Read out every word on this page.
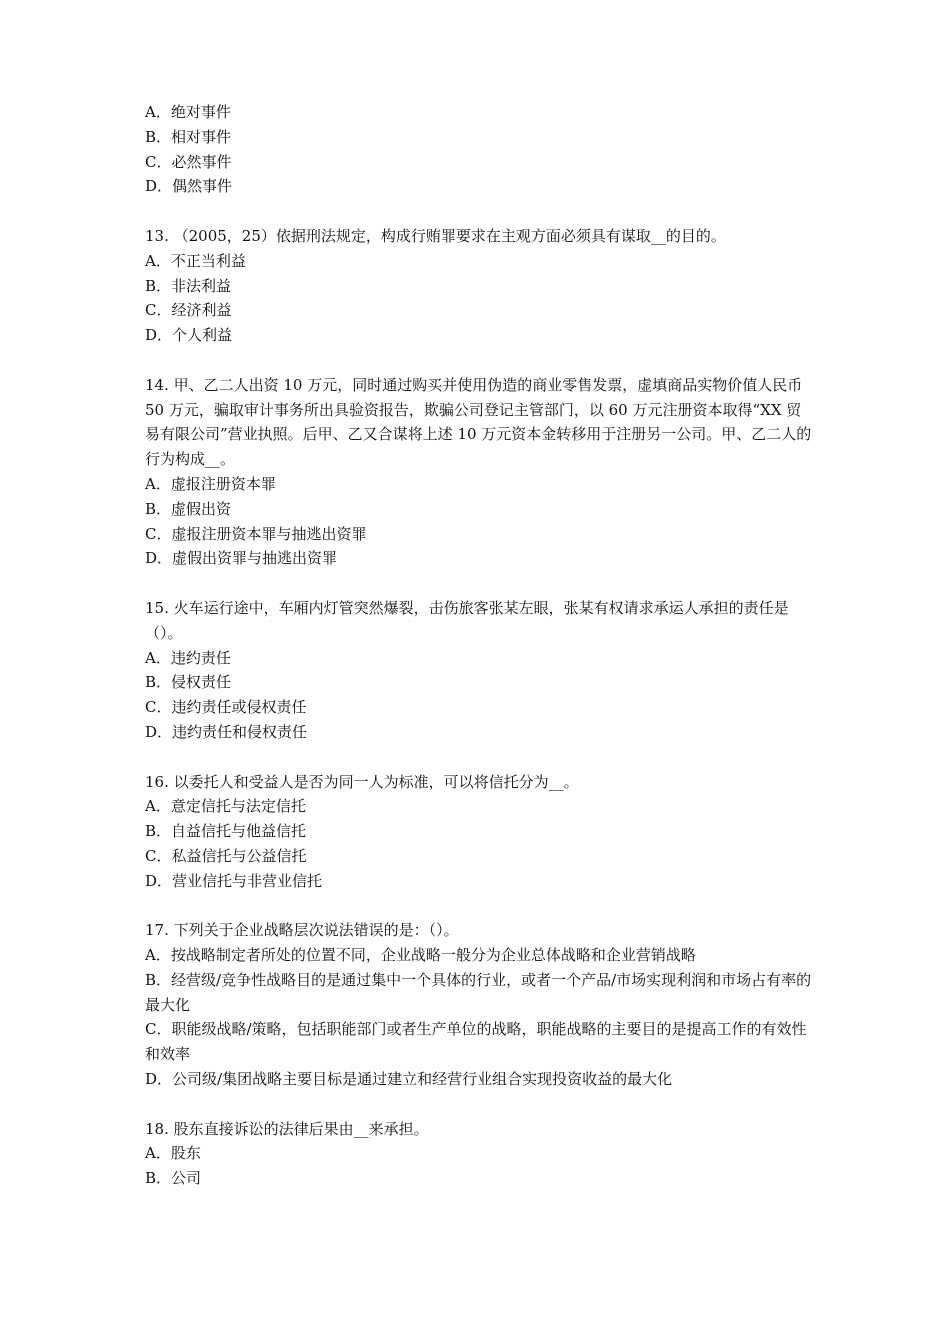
A．绝对事件

B．相对事件

C．必然事件

D．偶然事件

13. （2005，25）依据刑法规定，构成行贿罪要求在主观方面必须具有谋取__的目的。

A．不正当利益

B．非法利益

C．经济利益

D．个人利益

14. 甲、乙二人出资 10 万元，同时通过购买并使用伪造的商业零售发票，虚填商品实物价值人民币 50 万元，骗取审计事务所出具验资报告，欺骗公司登记主管部门，以 60 万元注册资本取得“XX 贸易有限公司”营业执照。后甲、乙又合谋将上述 10 万元资本金转移用于注册另一公司。甲、乙二人的行为构成__。

A．虚报注册资本罪

B．虚假出资

C．虚报注册资本罪与抽逃出资罪

D．虚假出资罪与抽逃出资罪

15. 火车运行途中，车厢内灯管突然爆裂，击伤旅客张某左眼，张某有权请求承运人承担的责任是（）。

A．违约责任

B．侵权责任

C．违约责任或侵权责任

D．违约责任和侵权责任

16. 以委托人和受益人是否为同一人为标准，可以将信托分为__。

A．意定信托与法定信托

B．自益信托与他益信托

C．私益信托与公益信托

D．营业信托与非营业信托

17. 下列关于企业战略层次说法错误的是：（）。

A．按战略制定者所处的位置不同，企业战略一般分为企业总体战略和企业营销战略

B．经营级/竞争性战略目的是通过集中一个具体的行业，或者一个产品/市场实现利润和市场占有率的最大化

C．职能级战略/策略，包括职能部门或者生产单位的战略，职能战略的主要目的是提高工作的有效性和效率

D．公司级/集团战略主要目标是通过建立和经营行业组合实现投资收益的最大化

18. 股东直接诉讼的法律后果由__来承担。

A．股东

B．公司
